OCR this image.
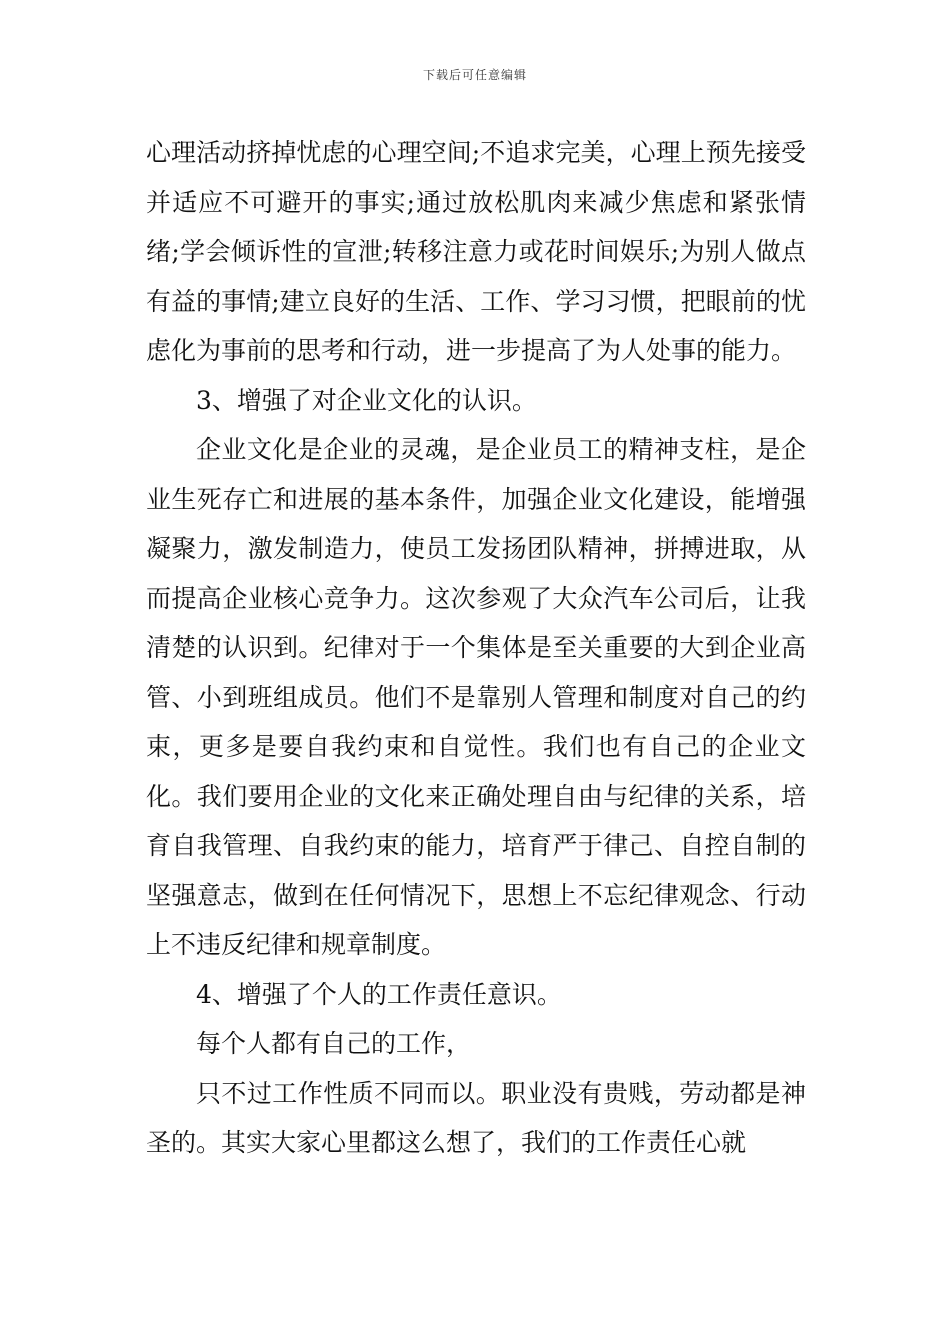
下载后可任意编辑

心理活动挤掉忧虑的心理空间;不追求完美，心理上预先接受并适应不可避开的事实;通过放松肌肉来减少焦虑和紧张情绪;学会倾诉性的宣泄;转移注意力或花时间娱乐;为别人做点有益的事情;建立良好的生活、工作、学习习惯，把眼前的忧虑化为事前的思考和行动，进一步提高了为人处事的能力。

3、增强了对企业文化的认识。

企业文化是企业的灵魂，是企业员工的精神支柱，是企业生死存亡和进展的基本条件，加强企业文化建设，能增强凝聚力，激发制造力，使员工发扬团队精神，拼搏进取，从而提高企业核心竞争力。这次参观了大众汽车公司后，让我清楚的认识到。纪律对于一个集体是至关重要的大到企业高管、小到班组成员。他们不是靠别人管理和制度对自己的约束，更多是要自我约束和自觉性。我们也有自己的企业文化。我们要用企业的文化来正确处理自由与纪律的关系，培育自我管理、自我约束的能力，培育严于律己、自控自制的坚强意志，做到在任何情况下，思想上不忘纪律观念、行动上不违反纪律和规章制度。

4、增强了个人的工作责任意识。

每个人都有自己的工作，

只不过工作性质不同而以。职业没有贵贱，劳动都是神圣的。其实大家心里都这么想了，我们的工作责任心就
